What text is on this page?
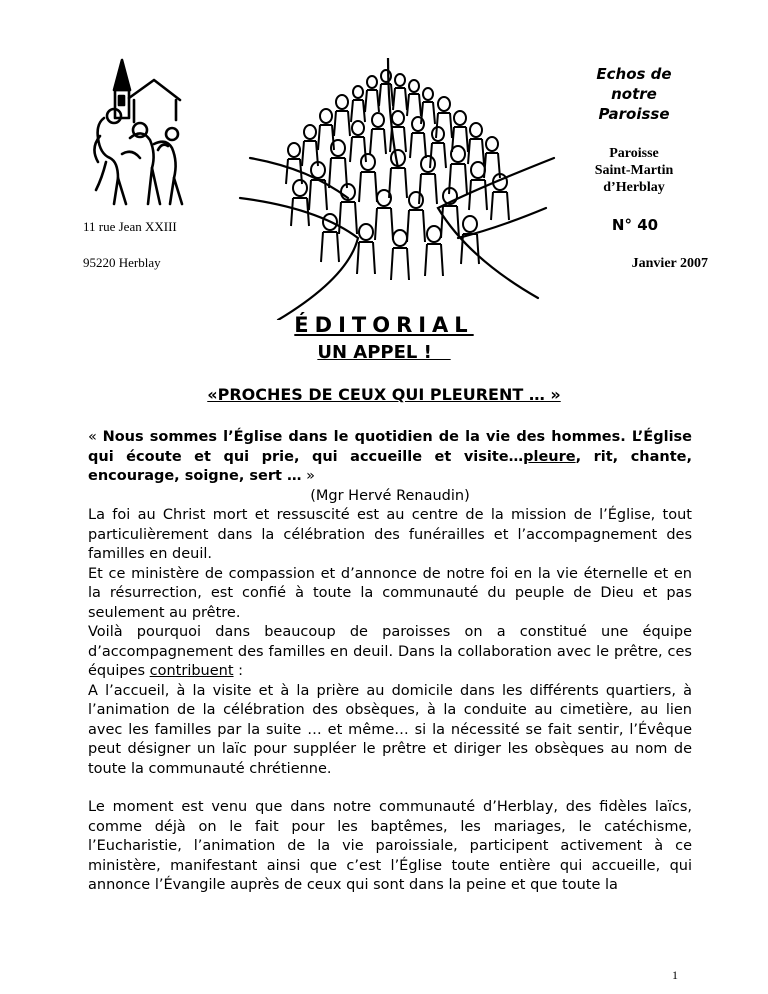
11 rue Jean XXIII
95220 Herblay
Echos de
notre
Paroisse
Paroisse
Saint-Martin
d’Herblay
N° 40
Janvier 2007
ÉDITORIAL
UN APPEL !
«PROCHES DE CEUX QUI PLEURENT … »

« Nous sommes l’Église dans le quotidien de la vie des hommes. L’Église qui écoute et qui prie, qui accueille et visite…pleure, rit, chante, encourage, soigne, sert … »

(Mgr Hervé Renaudin)

La foi au Christ mort et ressuscité est au centre de la mission de l’Église, tout particulièrement dans la célébration des funérailles et l’accompagnement des familles en deuil.

Et ce ministère de compassion et d’annonce de notre foi en la vie éternelle et en la résurrection, est confié à toute la communauté du peuple de Dieu et pas seulement au prêtre.

Voilà pourquoi dans beaucoup de paroisses on a constitué une équipe d’accompagnement des familles en deuil. Dans la collaboration avec le prêtre, ces équipes contribuent :

A l’accueil, à la visite et à la prière au domicile dans les différents quartiers, à l’animation de la célébration des obsèques, à la conduite au cimetière, au lien avec les familles par la suite … et même… si la nécessité se fait sentir, l’Évêque peut désigner un laïc pour suppléer le prêtre et diriger les obsèques au nom de toute la communauté chrétienne.

Le moment est venu que dans notre communauté d’Herblay, des fidèles laïcs, comme déjà on le fait pour les baptêmes, les mariages, le catéchisme, l’Eucharistie, l’animation de la vie paroissiale, participent activement à ce ministère, manifestant ainsi que c’est l’Église toute entière qui accueille, qui annonce l’Évangile auprès de ceux qui sont dans la peine et que toute la

1
